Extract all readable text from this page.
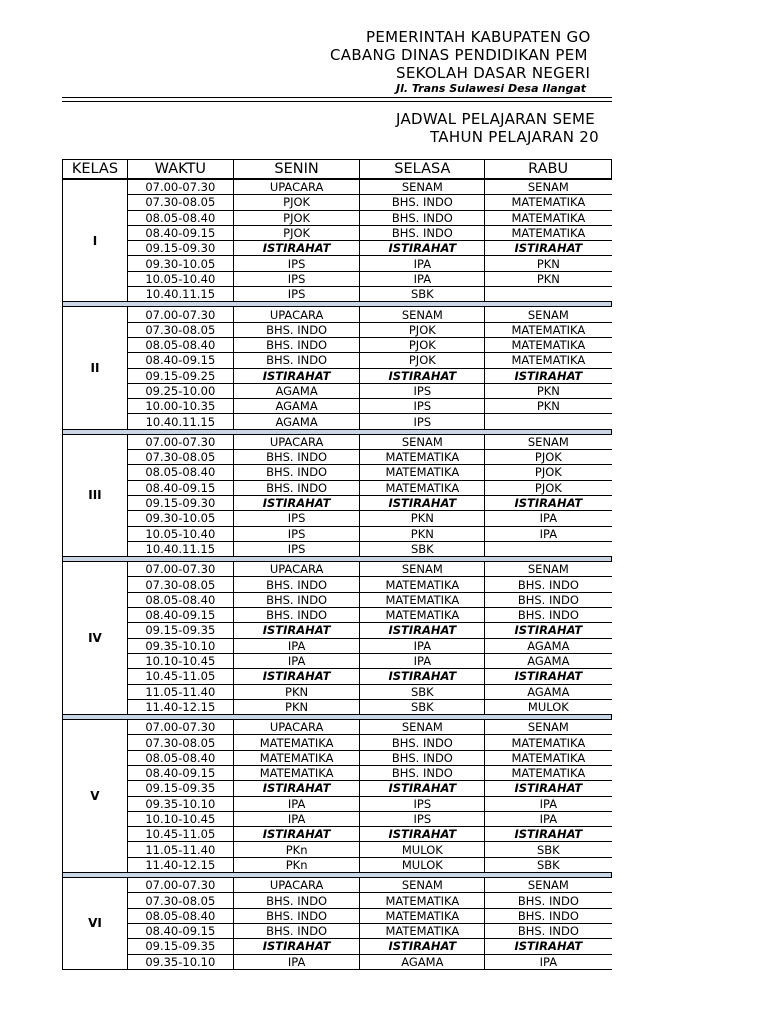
PEMERINTAH KABUPATEN GO
CABANG DINAS PENDIDIKAN PEM
SEKOLAH DASAR NEGERI
Jl. Trans Sulawesi Desa Ilangat
JADWAL PELAJARAN SEME
TAHUN PELAJARAN 20
KELAS	WAKTU	SENIN	SELASA	RABU
I	07.00-07.30	UPACARA	SENAM	SENAM
	07.30-08.05	PJOK	BHS. INDO	MATEMATIKA
	08.05-08.40	PJOK	BHS. INDO	MATEMATIKA
	08.40-09.15	PJOK	BHS. INDO	MATEMATIKA
	09.15-09.30	ISTIRAHAT	ISTIRAHAT	ISTIRAHAT
	09.30-10.05	IPS	IPA	PKN
	10.05-10.40	IPS	IPA	PKN
	10.40.11.15	IPS	SBK	

II	07.00-07.30	UPACARA	SENAM	SENAM
	07.30-08.05	BHS. INDO	PJOK	MATEMATIKA
	08.05-08.40	BHS. INDO	PJOK	MATEMATIKA
	08.40-09.15	BHS. INDO	PJOK	MATEMATIKA
	09.15-09.25	ISTIRAHAT	ISTIRAHAT	ISTIRAHAT
	09.25-10.00	AGAMA	IPS	PKN
	10.00-10.35	AGAMA	IPS	PKN
	10.40.11.15	AGAMA	IPS	

III	07.00-07.30	UPACARA	SENAM	SENAM
	07.30-08.05	BHS. INDO	MATEMATIKA	PJOK
	08.05-08.40	BHS. INDO	MATEMATIKA	PJOK
	08.40-09.15	BHS. INDO	MATEMATIKA	PJOK
	09.15-09.30	ISTIRAHAT	ISTIRAHAT	ISTIRAHAT
	09.30-10.05	IPS	PKN	IPA
	10.05-10.40	IPS	PKN	IPA
	10.40.11.15	IPS	SBK	

IV	07.00-07.30	UPACARA	SENAM	SENAM
	07.30-08.05	BHS. INDO	MATEMATIKA	BHS. INDO
	08.05-08.40	BHS. INDO	MATEMATIKA	BHS. INDO
	08.40-09.15	BHS. INDO	MATEMATIKA	BHS. INDO
	09.15-09.35	ISTIRAHAT	ISTIRAHAT	ISTIRAHAT
	09.35-10.10	IPA	IPA	AGAMA
	10.10-10.45	IPA	IPA	AGAMA
	10.45-11.05	ISTIRAHAT	ISTIRAHAT	ISTIRAHAT
	11.05-11.40	PKN	SBK	AGAMA
	11.40-12.15	PKN	SBK	MULOK

V	07.00-07.30	UPACARA	SENAM	SENAM
	07.30-08.05	MATEMATIKA	BHS. INDO	MATEMATIKA
	08.05-08.40	MATEMATIKA	BHS. INDO	MATEMATIKA
	08.40-09.15	MATEMATIKA	BHS. INDO	MATEMATIKA
	09.15-09.35	ISTIRAHAT	ISTIRAHAT	ISTIRAHAT
	09.35-10.10	IPA	IPS	IPA
	10.10-10.45	IPA	IPS	IPA
	10.45-11.05	ISTIRAHAT	ISTIRAHAT	ISTIRAHAT
	11.05-11.40	PKn	MULOK	SBK
	11.40-12.15	PKn	MULOK	SBK

VI	07.00-07.30	UPACARA	SENAM	SENAM
	07.30-08.05	BHS. INDO	MATEMATIKA	BHS. INDO
	08.05-08.40	BHS. INDO	MATEMATIKA	BHS. INDO
	08.40-09.15	BHS. INDO	MATEMATIKA	BHS. INDO
	09.15-09.35	ISTIRAHAT	ISTIRAHAT	ISTIRAHAT
	09.35-10.10	IPA	AGAMA	IPA
